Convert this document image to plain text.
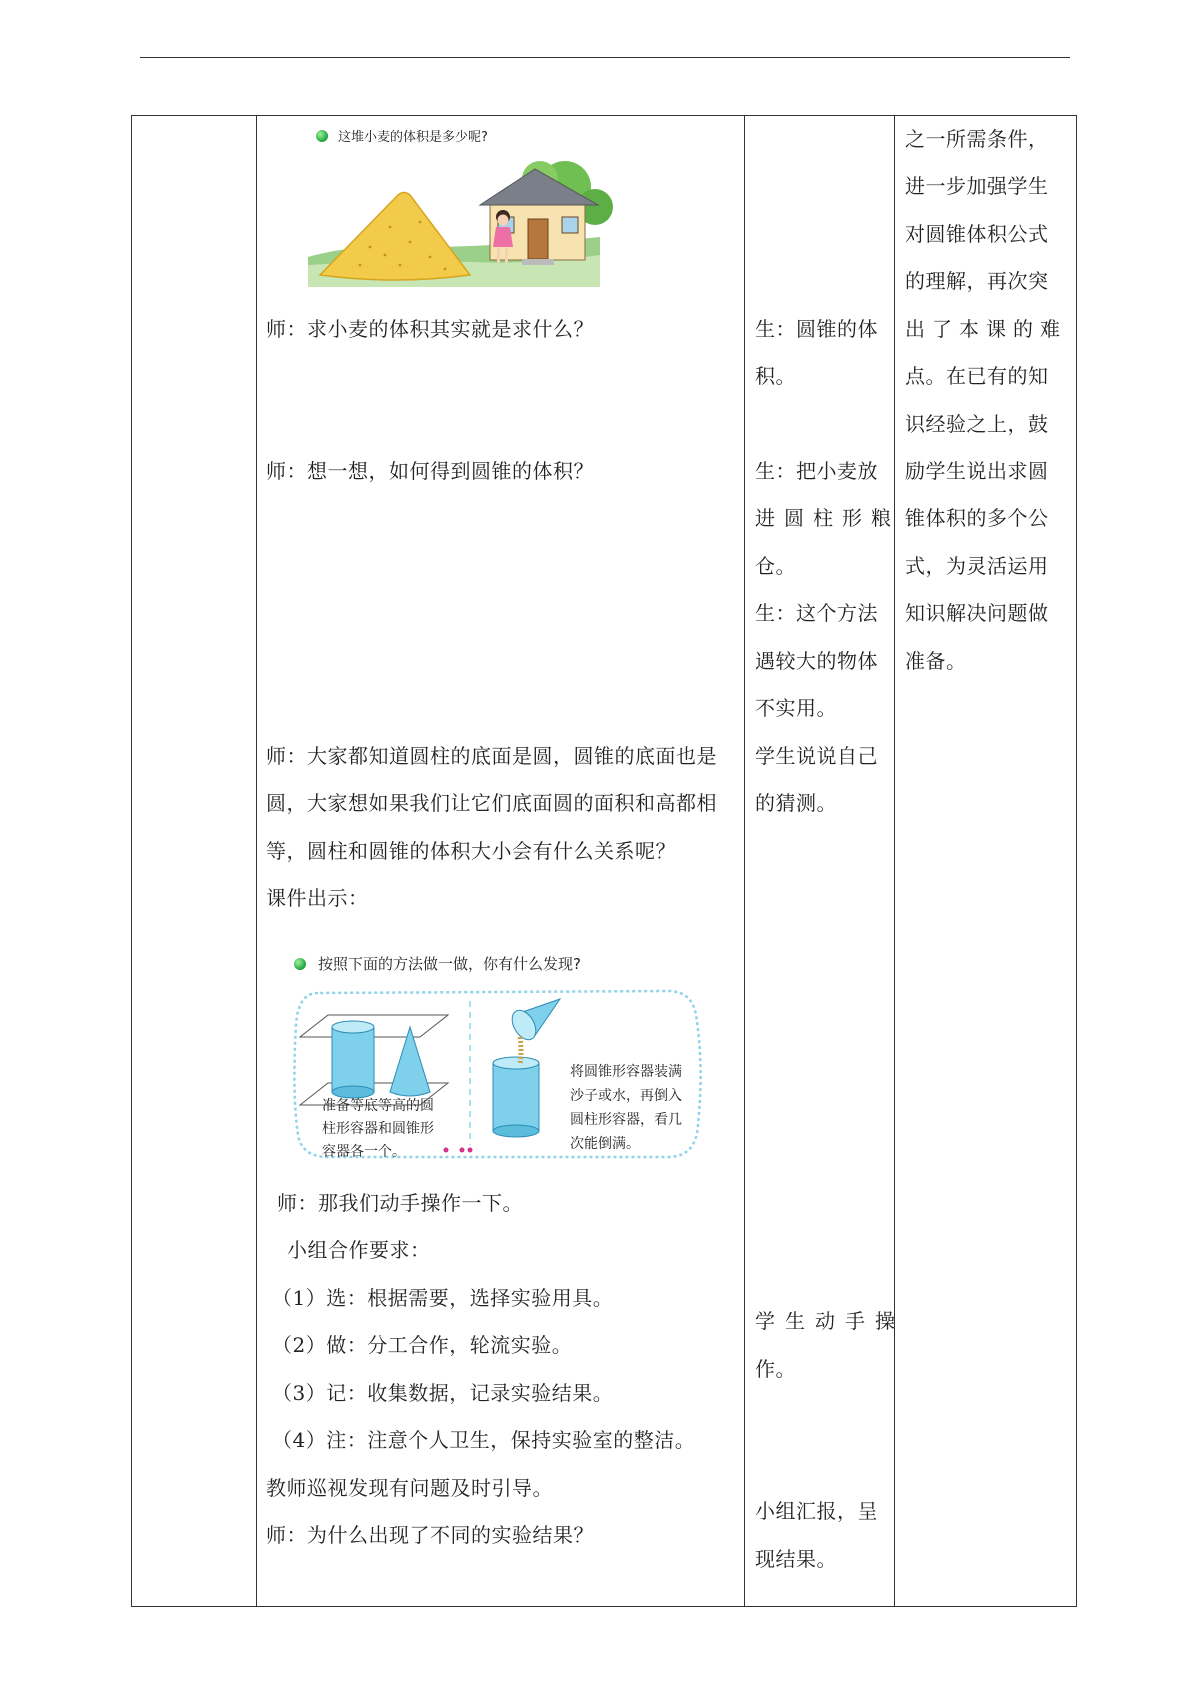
这堆小麦的体积是多少呢?
师：求小麦的体积其实就是求什么？
师：想一想，如何得到圆锥的体积？
师：大家都知道圆柱的底面是圆，圆锥的底面也是
圆，大家想如果我们让它们底面圆的面积和高都相
等，圆柱和圆锥的体积大小会有什么关系呢？
课件出示：
按照下面的方法做一做，你有什么发现?
准备等底等高的圆
柱形容器和圆锥形
容器各一个。
将圆锥形容器装满
沙子或水，再倒入
圆柱形容器，看几
次能倒满。
师：那我们动手操作一下。
小组合作要求：
（1）选：根据需要，选择实验用具。
（2）做：分工合作，轮流实验。
（3）记：收集数据，记录实验结果。
（4）注：注意个人卫生，保持实验室的整洁。
教师巡视发现有问题及时引导。
师：为什么出现了不同的实验结果？
生：圆锥的体
积。
生：把小麦放
进圆柱形粮
仓。
生：这个方法
遇较大的物体
不实用。
学生说说自己
的猜测。
学生动手操
作。
小组汇报，呈
现结果。
之一所需条件，
进一步加强学生
对圆锥体积公式
的理解，再次突
出了本课的难
点。在已有的知
识经验之上，鼓
励学生说出求圆
锥体积的多个公
式，为灵活运用
知识解决问题做
准备。
